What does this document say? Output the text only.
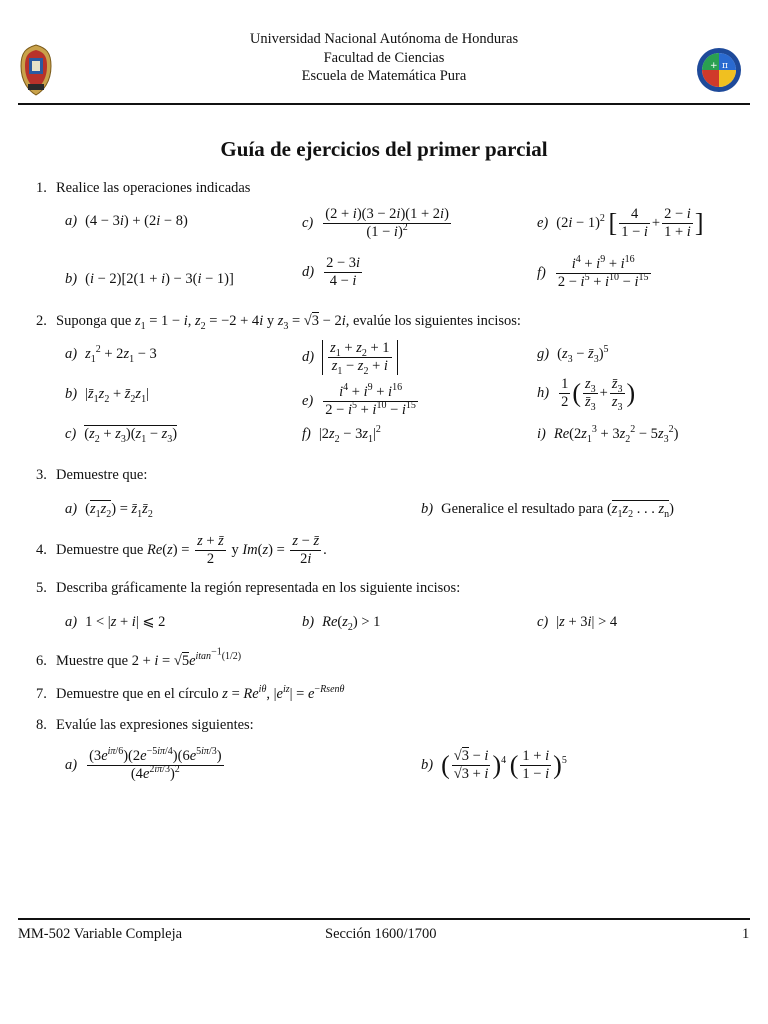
Universidad Nacional Autónoma de Honduras
Facultad de Ciencias
Escuela de Matemática Pura
+ π
Guía de ejercicios del primer parcial
1. Realice las operaciones indicadas
a) (4 − 3i) + (2i − 8)	$c) \frac{(2 + i)(3 - 2i)(1 + 2i)}{(1 - i)^2}$	e) $(2i - 1)^2$ [ $\frac{4}{1 - i} + \frac{2 - i}{1 + i}$ ]
b) (i − 2)[2(1 + i) − 3(i − 1)]	$d) \frac{2 - 3i}{4 - i}$	$f) \frac{i^4 + i^9 + i^{16}}{2 - i^5 + i^{10} - i^{15}}$
2. Suponga que $z_1 = 1 - i$, $z_2 = -2 + 4i$ y $z_3 = √3 - 2i$, evalúe los siguientes incisos:
a) $z_1^2 + 2z_1 - 3$	$d) \frac{z_1 + z_2 + 1}{z_1 - z_2 + i}$	g) ($z_3$ − $z̄_3)^5$
b) $|z̄_1z_2$ + $z̄_2z_1|$	$e) \frac{i^4 + i^9 + i^{16}}{2 - i^5 + i^{10} - i^{15}}$	$h) \frac{1}{2}$ ( $\frac{z_3}{z̄_3} + \frac{z̄_3}{z_3}$ )
c) $(z_2 + z_3)(z_1 - z_3)$	f) $|2z_2 - 3z_1|^2$	i) $Re(2z_1^3 + 3z_2^2 - 5z_3^2)$
3. Demuestre que:
a) $(z_1z_2)$ = $z̄_1z̄_2$	b) Generalice el resultado para ($z_1z_2$ . . . $z_n$)
4. Demuestre que $Re(z) = \frac{z + z̄}{2}$ y $Im(z) = \frac{z - z̄}{2i}$ .
5. Describa gráficamente la región representada en los siguiente incisos:
a) 1 < |z + i| ⩽ 2	b) $Re(z_2) > 1$	c) |z + 3i| > 4
6. Muestre que $2 + i = √5e^{itan^{-1}(1/2)}$
7. Demuestre que en el círculo $z = Re^{i\theta}$, $|e^{iz}| = e^{-Rsen\theta}$
8. Evalúe las expresiones siguientes:
$a) \frac{(3e^{i\pi/6})(2e^{-5i\pi/4})(6e^{5i\pi/3})}{(4e^{2i\pi/3})^2}$	b) ( $\frac{√3 - i}{√3 + i} )^4$ ( $\frac{1 + i}{1 - i} )^5$
MM-502 Variable Compleja	Sección 1600/1700	1
